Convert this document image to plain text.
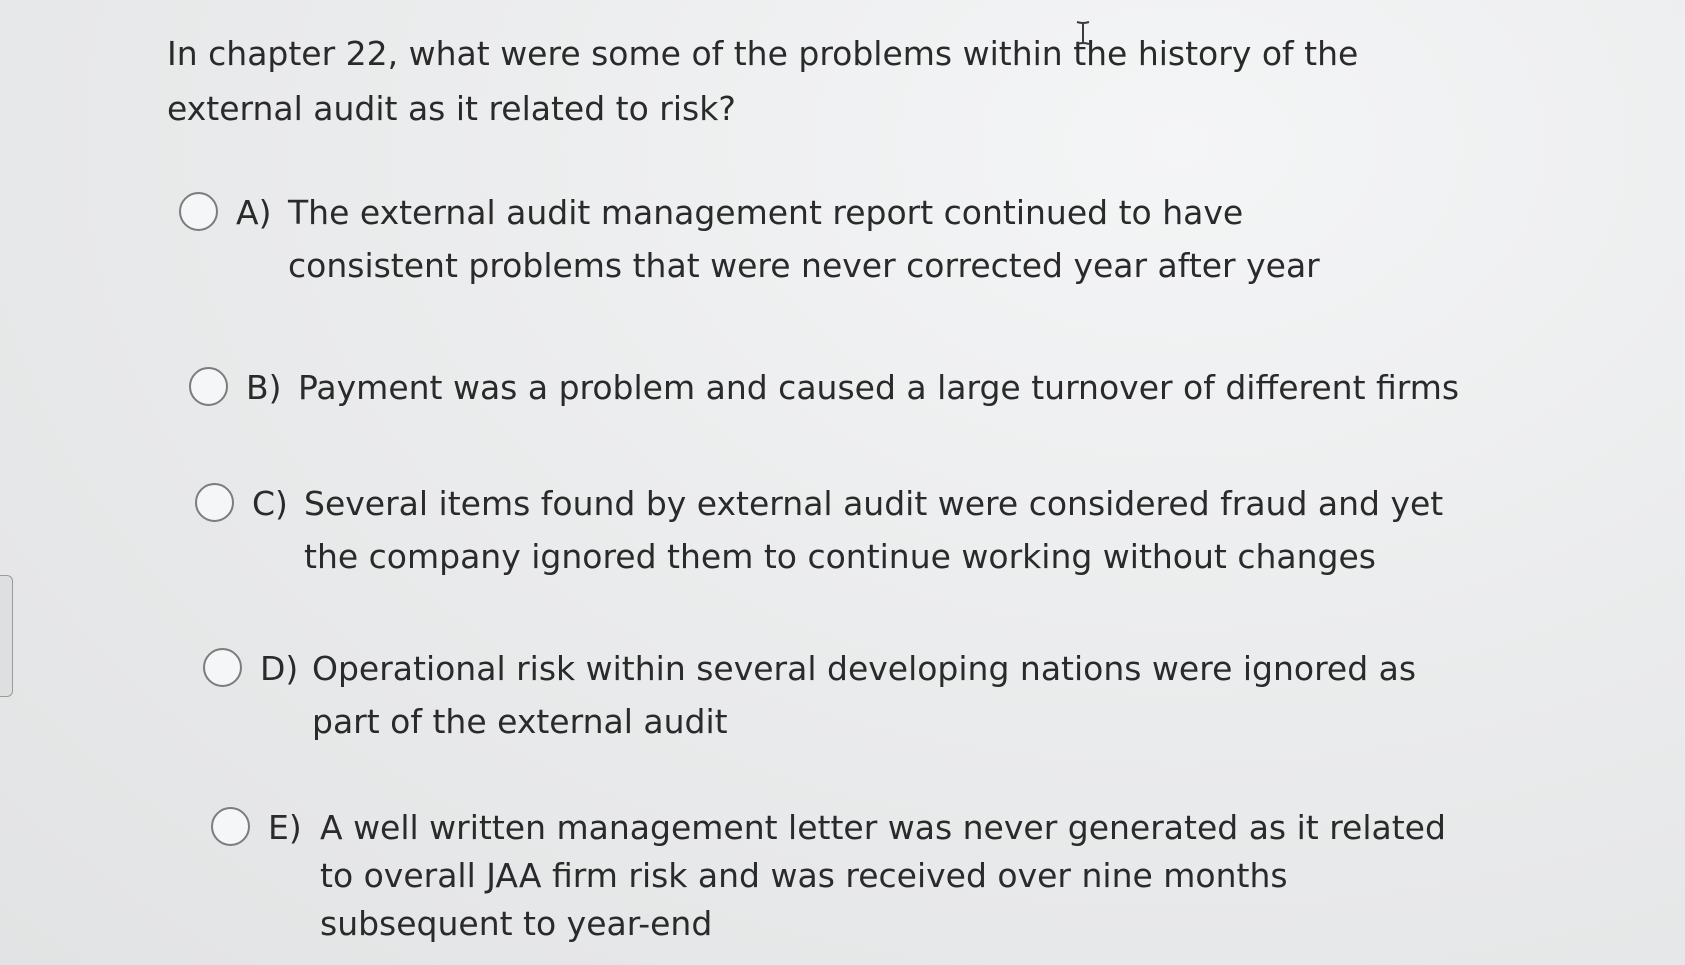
In chapter 22, what were some of the problems within the history of the external audit as it related to risk?
A) The external audit management report continued to have consistent problems that were never corrected year after year
B) Payment was a problem and caused a large turnover of different firms
C) Several items found by external audit were considered fraud and yet the company ignored them to continue working without changes
D) Operational risk within several developing nations were ignored as part of the external audit
E) A well written management letter was never generated as it related to overall JAA firm risk and was received over nine months subsequent to year-end
